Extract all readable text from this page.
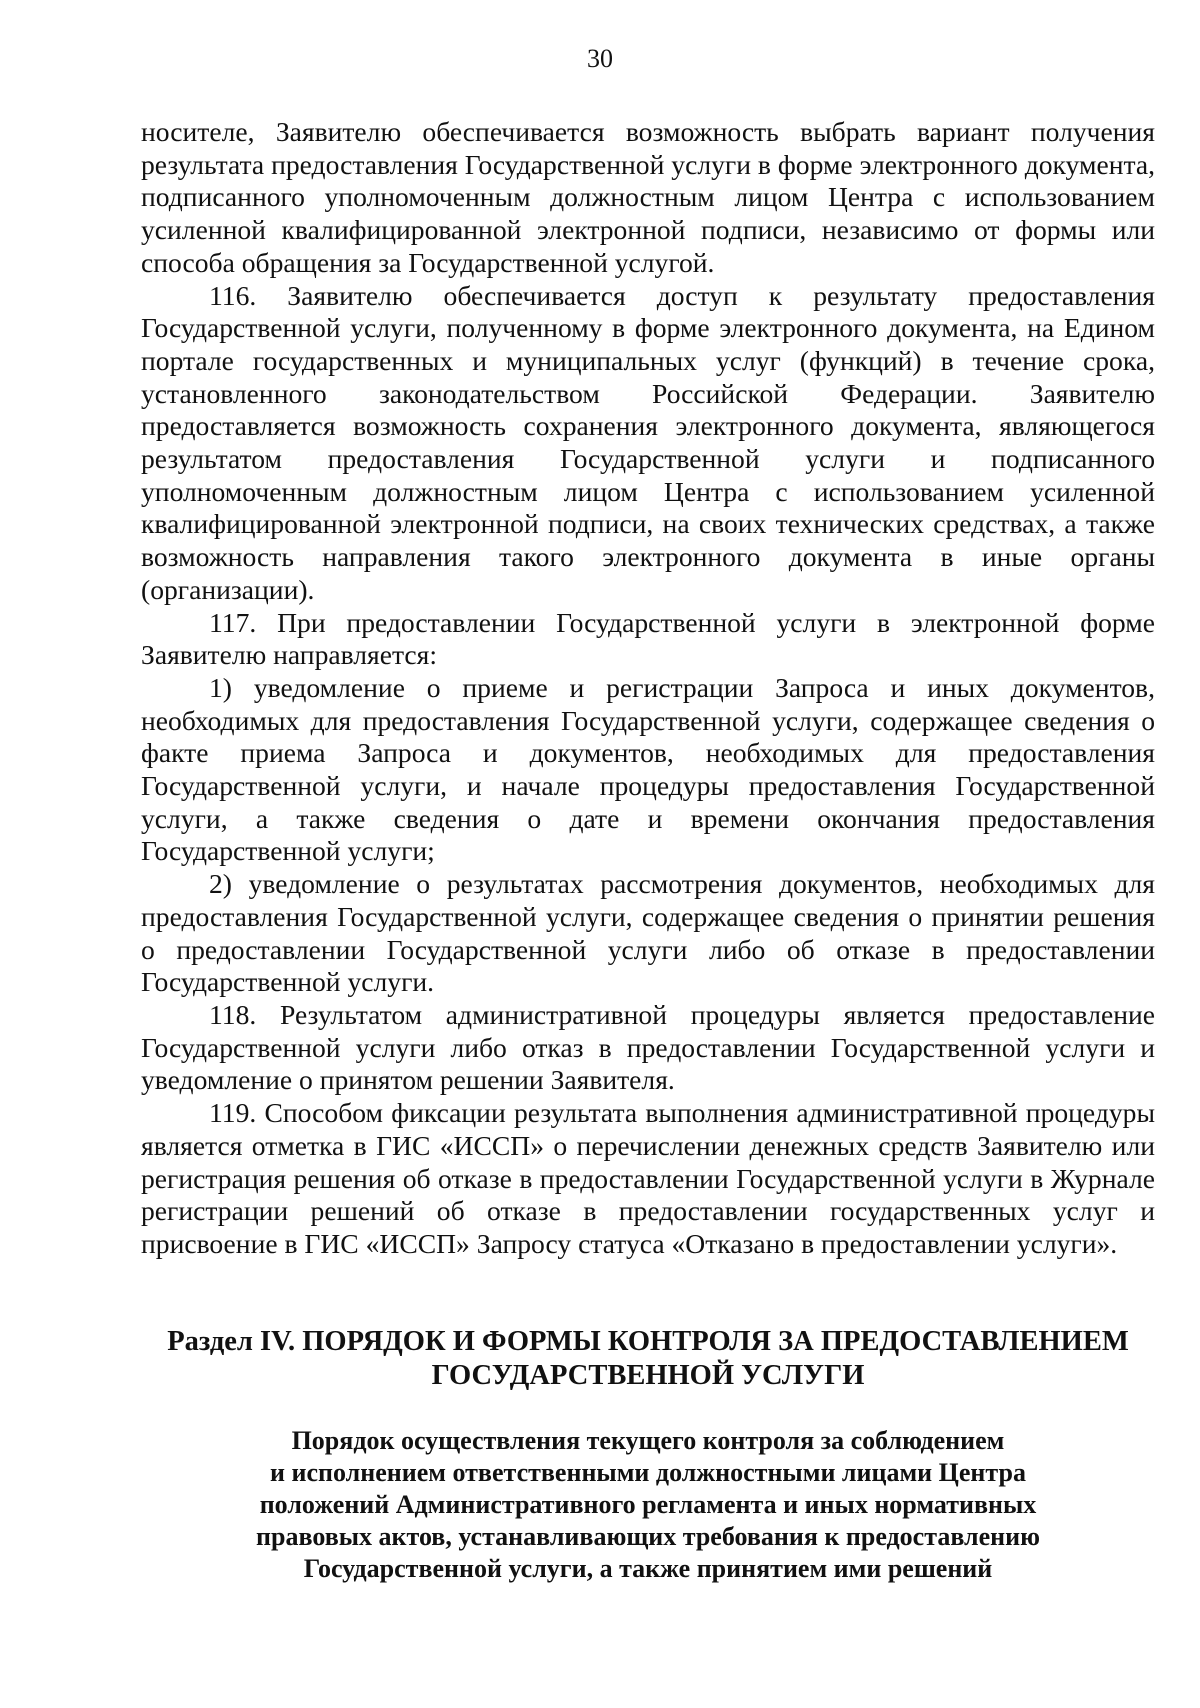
30

носителе, Заявителю обеспечивается возможность выбрать вариант получения результата предоставления Государственной услуги в форме электронного документа, подписанного уполномоченным должностным лицом Центра с использованием усиленной квалифицированной электронной подписи, независимо от формы или способа обращения за Государственной услугой.

116. Заявителю обеспечивается доступ к результату предоставления Государственной услуги, полученному в форме электронного документа, на Едином портале государственных и муниципальных услуг (функций) в течение срока, установленного законодательством Российской Федерации. Заявителю предоставляется возможность сохранения электронного документа, являющегося результатом предоставления Государственной услуги и подписанного уполномоченным должностным лицом Центра с использованием усиленной квалифицированной электронной подписи, на своих технических средствах, а также возможность направления такого электронного документа в иные органы (организации).

117. При предоставлении Государственной услуги в электронной форме Заявителю направляется:

1) уведомление о приеме и регистрации Запроса и иных документов, необходимых для предоставления Государственной услуги, содержащее сведения о факте приема Запроса и документов, необходимых для предоставления Государственной услуги, и начале процедуры предоставления Государственной услуги, а также сведения о дате и времени окончания предоставления Государственной услуги;

2) уведомление о результатах рассмотрения документов, необходимых для предоставления Государственной услуги, содержащее сведения о принятии решения о предоставлении Государственной услуги либо об отказе в предоставлении Государственной услуги.

118. Результатом административной процедуры является предоставление Государственной услуги либо отказ в предоставлении Государственной услуги и уведомление о принятом решении Заявителя.

119. Способом фиксации результата выполнения административной процедуры является отметка в ГИС «ИССП» о перечислении денежных средств Заявителю или регистрация решения об отказе в предоставлении Государственной услуги в Журнале регистрации решений об отказе в предоставлении государственных услуг и присвоение в ГИС «ИССП» Запросу статуса «Отказано в предоставлении услуги».

Раздел IV. ПОРЯДОК И ФОРМЫ КОНТРОЛЯ ЗА ПРЕДОСТАВЛЕНИЕМ
ГОСУДАРСТВЕННОЙ УСЛУГИ
Порядок осуществления текущего контроля за соблюдением
и исполнением ответственными должностными лицами Центра
положений Административного регламента и иных нормативных
правовых актов, устанавливающих требования к предоставлению
Государственной услуги, а также принятием ими решений
